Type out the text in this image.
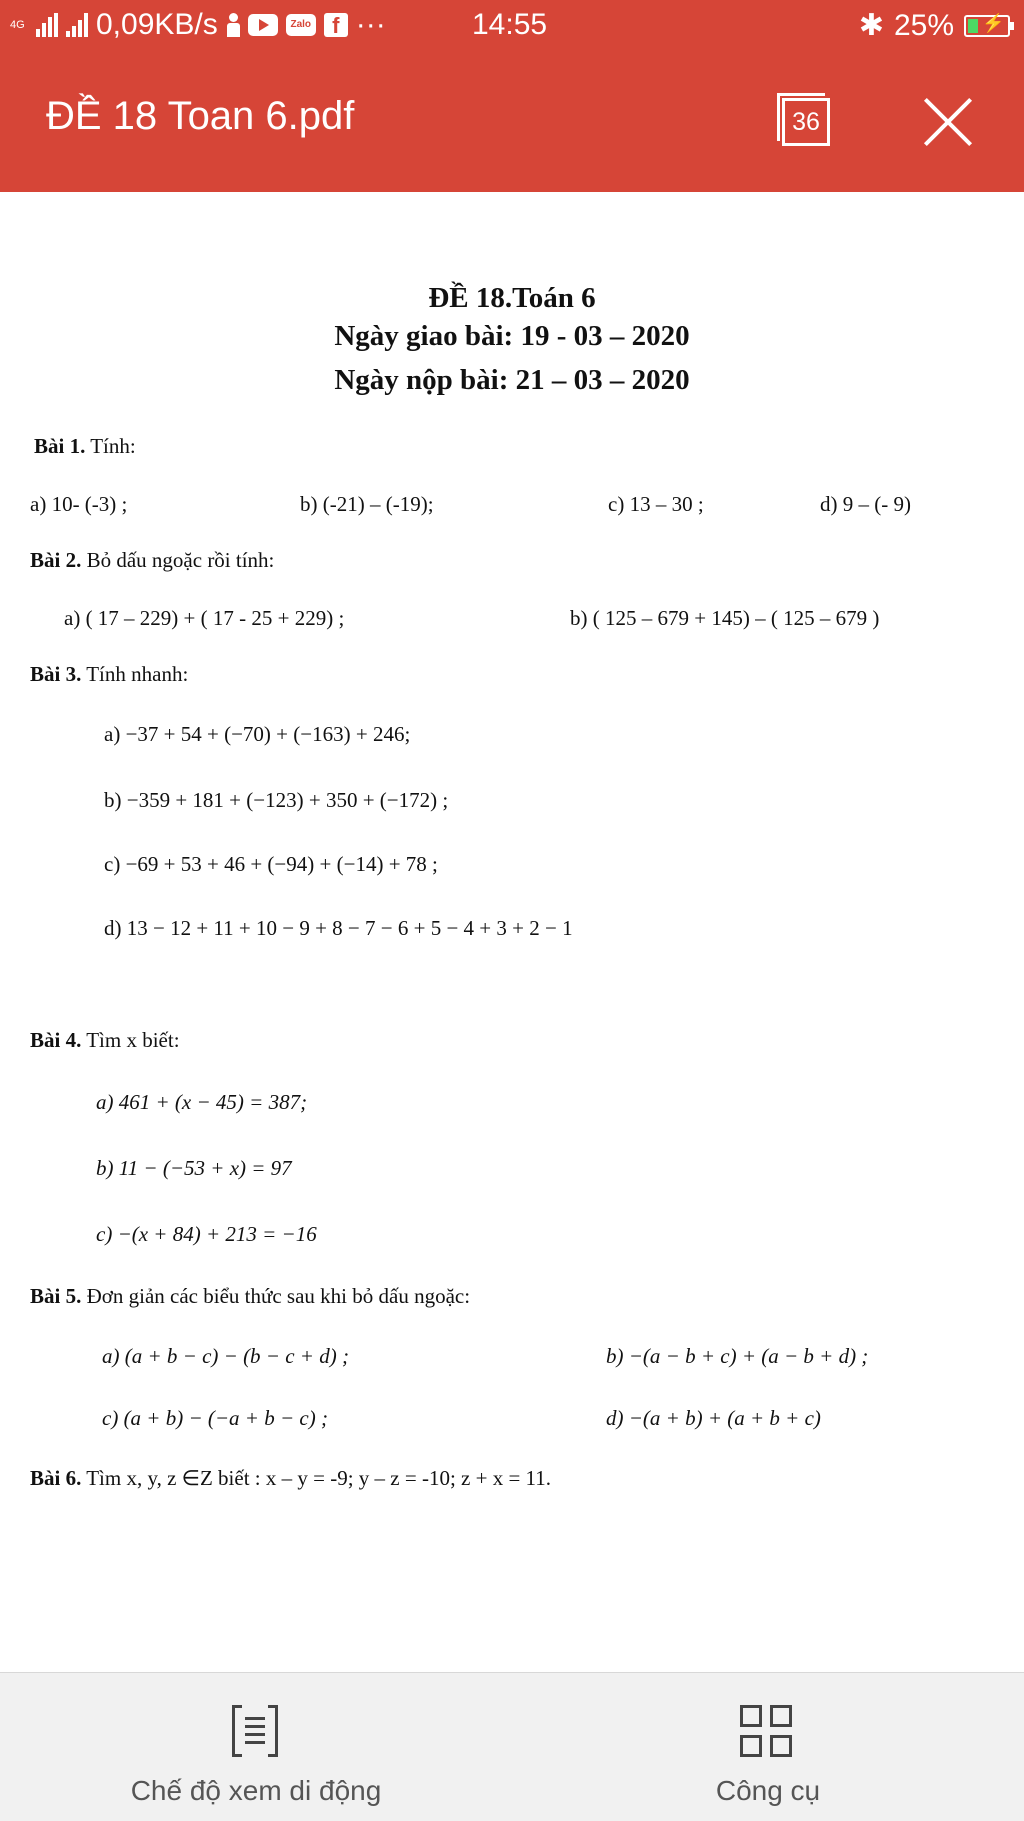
4G 0,09KB/s	Zalo f ···	14:55	✱ 25% ⚡
ĐỀ 18 Toan 6.pdf	36
ĐỀ 18.Toán 6
Ngày giao bài: 19 - 03 – 2020
Ngày nộp bài: 21 – 03 – 2020
Bài 1. Tính:
a) 10- (-3) ;	b) (-21) – (-19);	c) 13 – 30 ;	d) 9 – (- 9)
Bài 2. Bỏ dấu ngoặc rồi tính:
a) ( 17 – 229) + ( 17 - 25 + 229) ;	b) ( 125 – 679 + 145) – ( 125 – 679 )
Bài 3. Tính nhanh:
a) −37 + 54 + (−70) + (−163) + 246;
b) −359 + 181 + (−123) + 350 + (−172) ;
c) −69 + 53 + 46 + (−94) + (−14) + 78 ;
d) 13 − 12 + 11 + 10 − 9 + 8 − 7 − 6 + 5 − 4 + 3 + 2 − 1
Bài 4. Tìm x biết:
a) 461 + (x − 45) = 387;
b) 11 − (−53 + x) = 97
c) −(x + 84) + 213 = −16
Bài 5. Đơn giản các biểu thức sau khi bỏ dấu ngoặc:
a) (a + b − c) − (b − c + d) ;	b) −(a − b + c) + (a − b + d) ;
c) (a + b) − (−a + b − c) ;	d) −(a + b) + (a + b + c)
Bài 6. Tìm x, y, z ∈Z biết : x – y = -9; y – z = -10; z + x = 11.
Chế độ xem di động	Công cụ
